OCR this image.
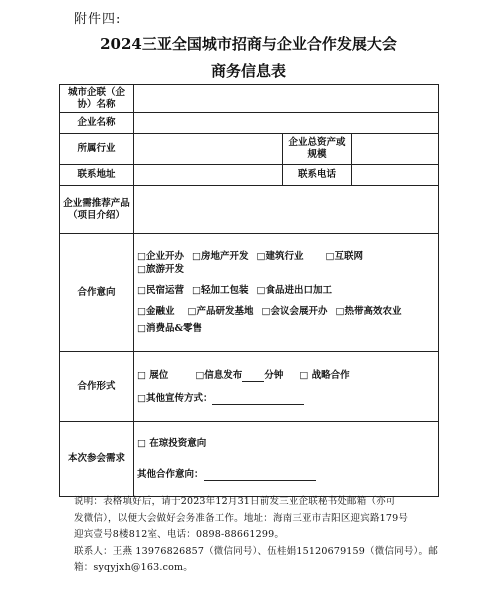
附件四:
2024三亚全国城市招商与企业合作发展大会
商务信息表
城市企联（企协）名称			
企业名称			
所属行业		企业总资产或规模	
联系地址		联系电话	
企业需推荐产品（项目介绍）			
合作意向	□企业开办 □房地产开发 □建筑行业 □互联网
□旅游开发
□民宿运营 □轻加工包装 □食品进出口加工
□金融业 □产品研发基地 □会议会展开办 □热带高效农业
□消费品&零售		

合作形式	□ 展位 □信息发布 分钟 □ 战略合作
□其他宣传方式：		

本次参会需求	□ 在琼投资意向
其他合作意向：		

说明：表格填好后，请于2023年12月31日前发三亚企联秘书处邮箱（亦可

发微信），以便大会做好会务准备工作。地址：海南三亚市吉阳区迎宾路179号

迎宾壹号8楼812室、电话：0898-88661299。

联系人：王燕 13976826857（微信同号）、伍桂娟15120679159（微信同号）。邮

箱：syqyjxh@163.com。
